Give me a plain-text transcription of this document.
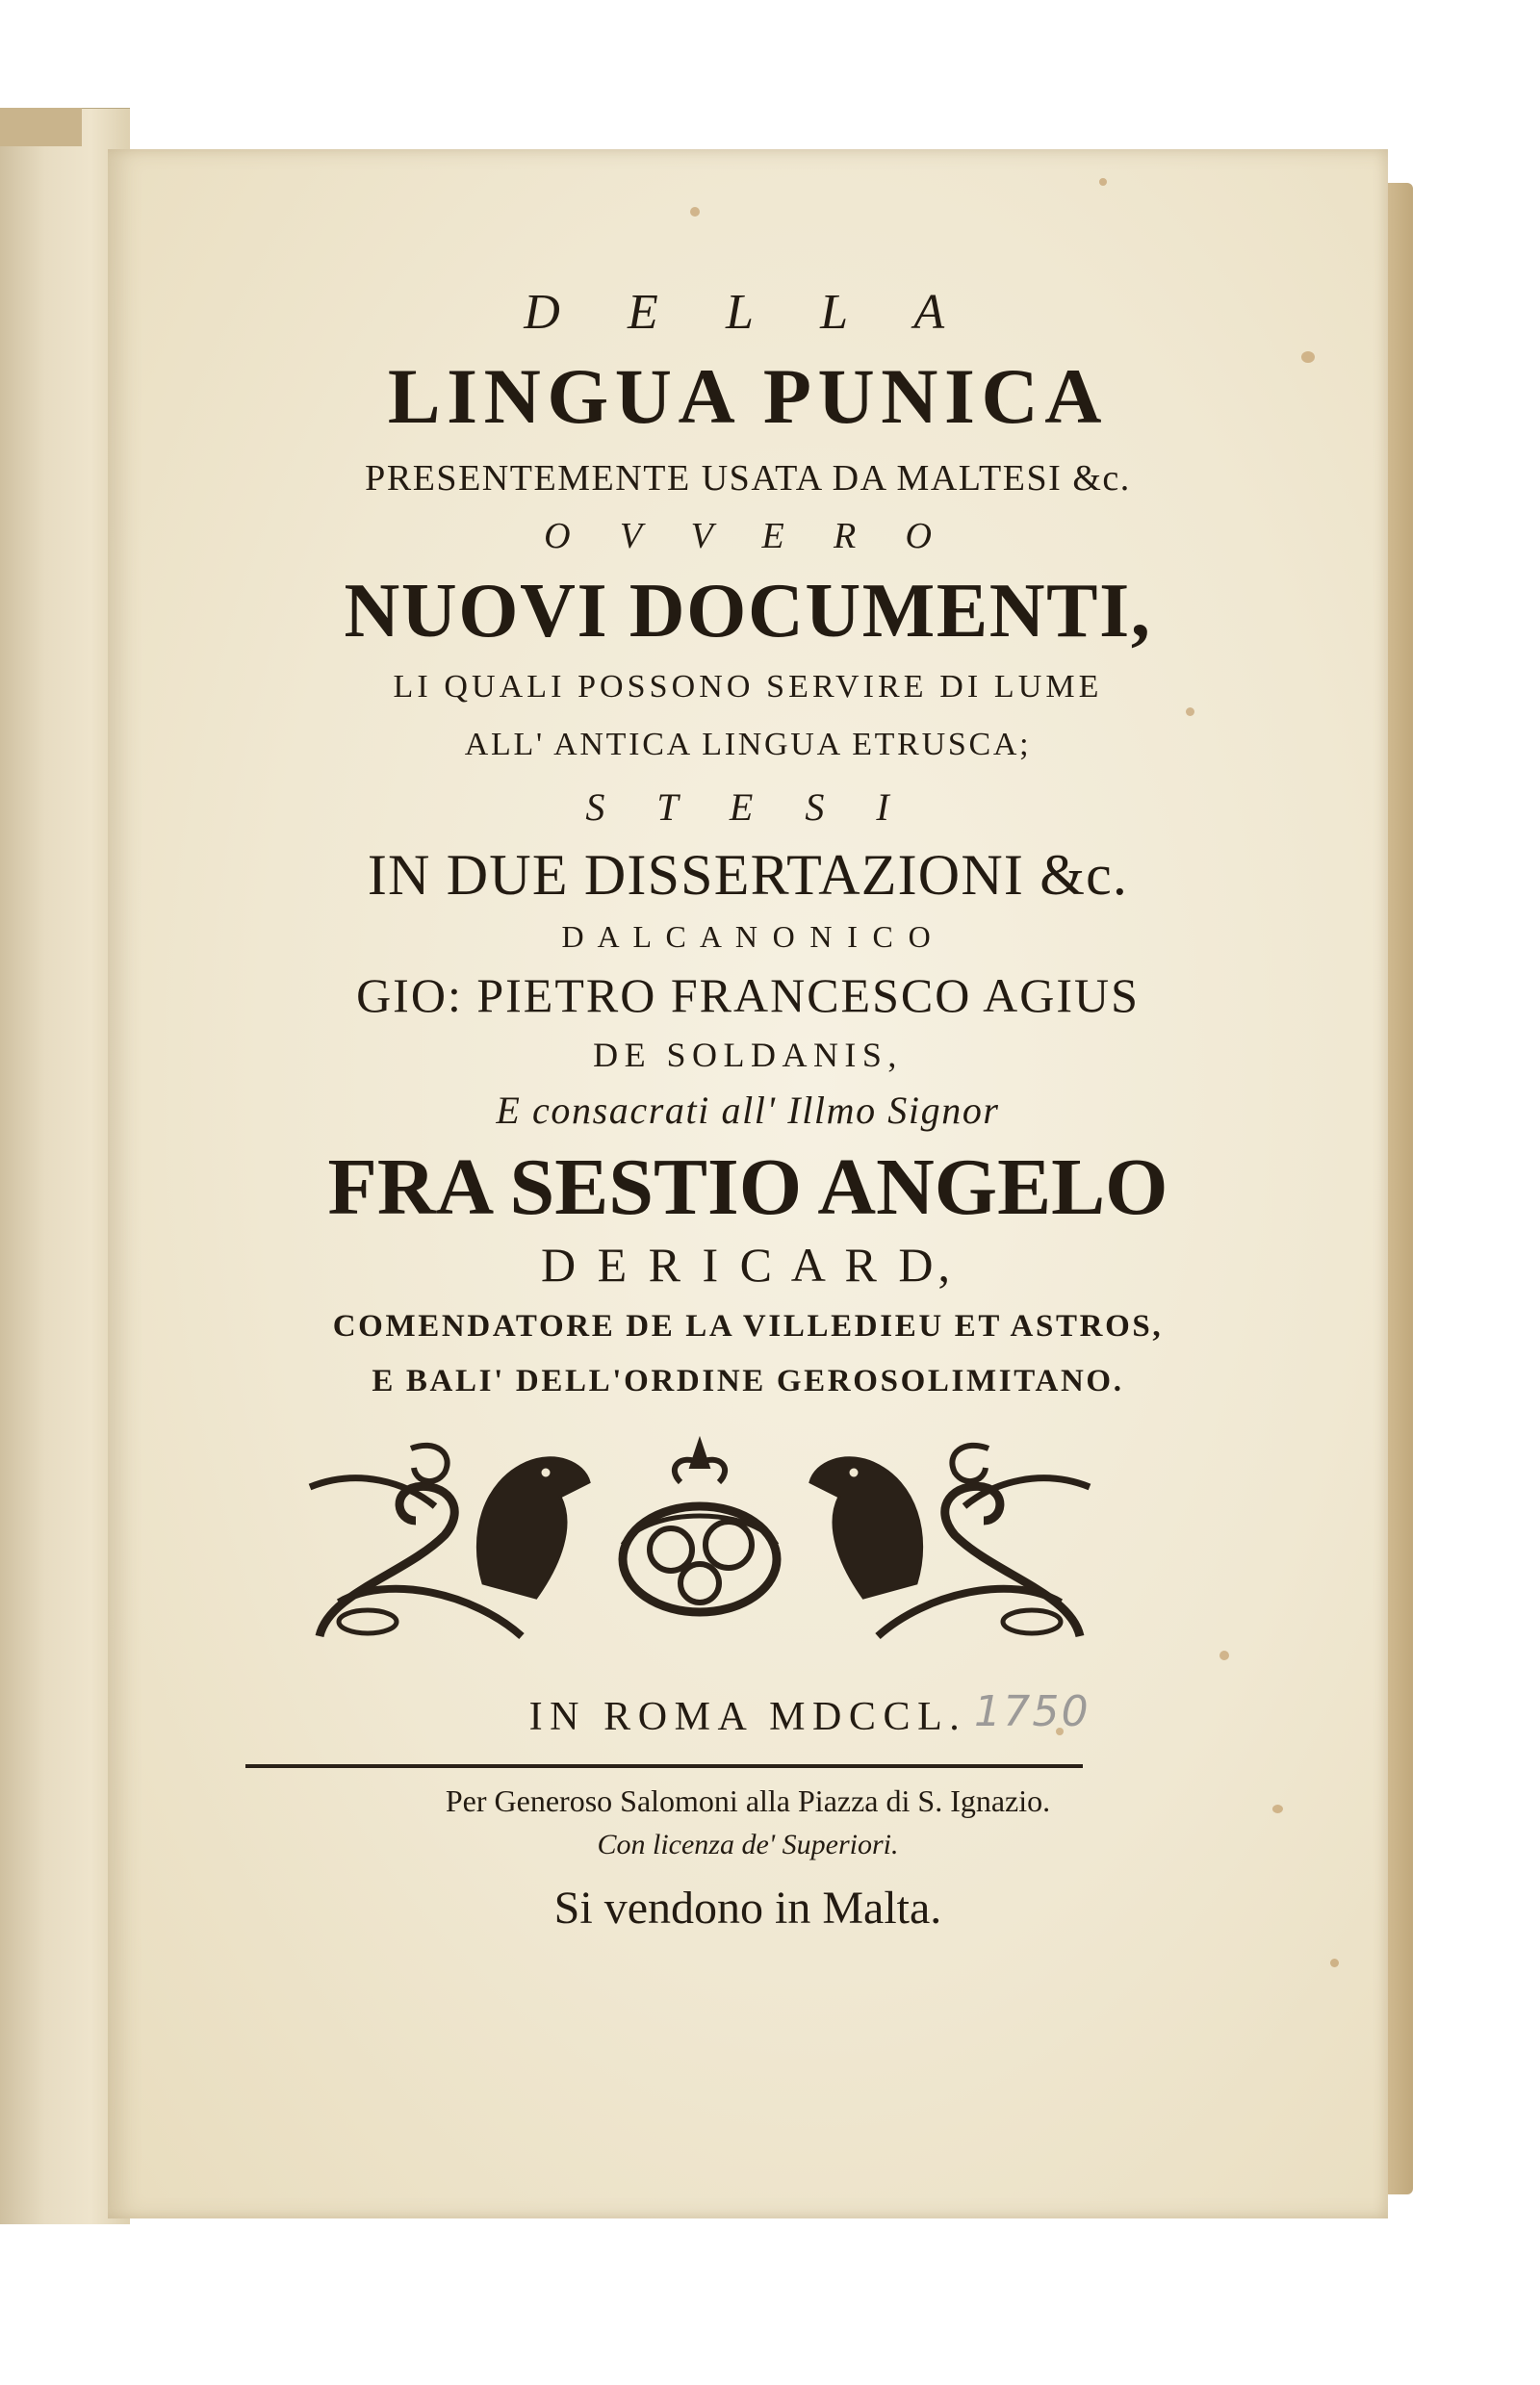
D E L L A
LINGUA PUNICA
PRESENTEMENTE USATA DA MALTESI &c.
O V V E R O
NUOVI DOCUMENTI,
LI QUALI POSSONO SERVIRE DI LUME
ALL' ANTICA LINGUA ETRUSCA;
S T E S I
IN DUE DISSERTAZIONI &c.
D A L C A N O N I C O
GIO: PIETRO FRANCESCO AGIUS
DE SOLDANIS,
E consacrati all' Illmo Signor
FRA SESTIO ANGELO
D E R I C A R D,
COMENDATORE DE LA VILLEDIEU ET ASTROS,
E BALI' DELL'ORDINE GEROSOLIMITANO.
IN ROMA MDCCL. 1750
Per Generoso Salomoni alla Piazza di S. Ignazio.
Con licenza de' Superiori.
Si vendono in Malta.
